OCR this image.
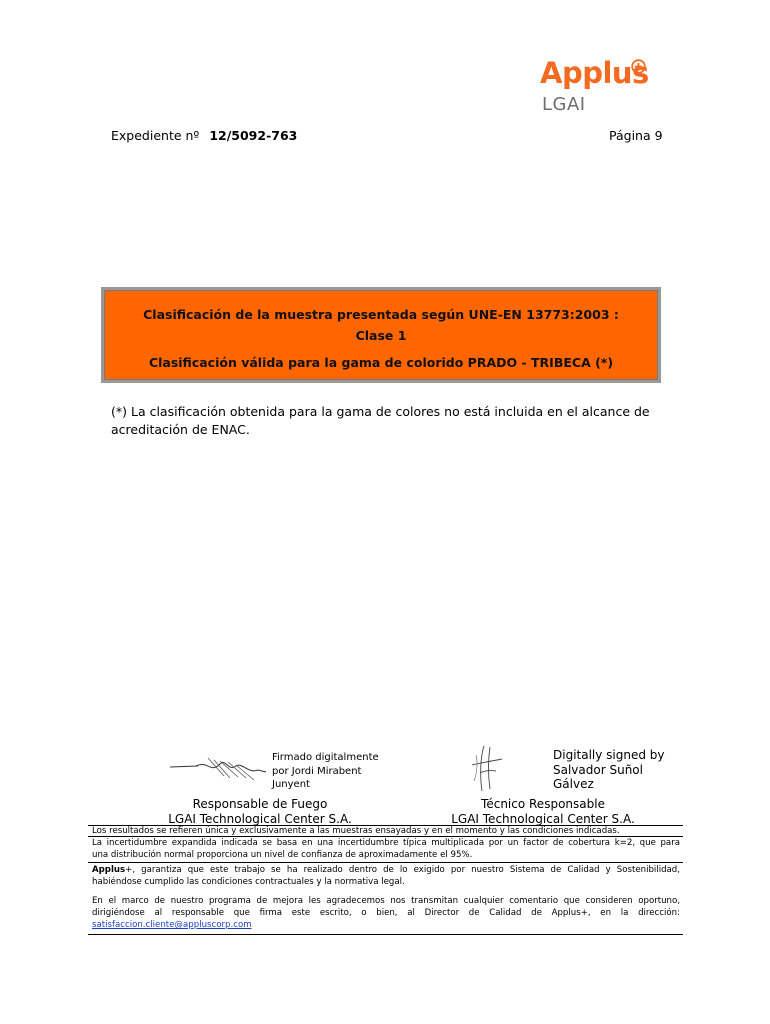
Applus
LGAI
Expediente nº 12/5092-763	Página 9
Clasificación de la muestra presentada según UNE-EN 13773:2003 :
Clase 1
Clasificación válida para la gama de colorido PRADO - TRIBECA (*)
(*) La clasificación obtenida para la gama de colores no está incluida en el alcance de acreditación de ENAC.
Firmado digitalmente
por Jordi Mirabent
Junyent
Digitally signed by
Salvador Suñol
Gálvez
Responsable de Fuego
LGAI Technological Center S.A.
Técnico Responsable
LGAI Technological Center S.A.
Los resultados se refieren única y exclusivamente a las muestras ensayadas y en el momento y las condiciones indicadas.
La incertidumbre expandida indicada se basa en una incertidumbre típica multiplicada por un factor de cobertura k=2, que para
una distribución normal proporciona un nivel de confianza de aproximadamente el 95%.
Applus+, garantiza que este trabajo se ha realizado dentro de lo exigido por nuestro Sistema de Calidad y Sostenibilidad,
habiéndose cumplido las condiciones contractuales y la normativa legal.
En el marco de nuestro programa de mejora les agradecemos nos transmitan cualquier comentario que consideren oportuno,
dirigiéndose al responsable que firma este escrito, o bien, al Director de Calidad de Applus+, en la dirección:
satisfaccion.cliente@appluscorp.com
